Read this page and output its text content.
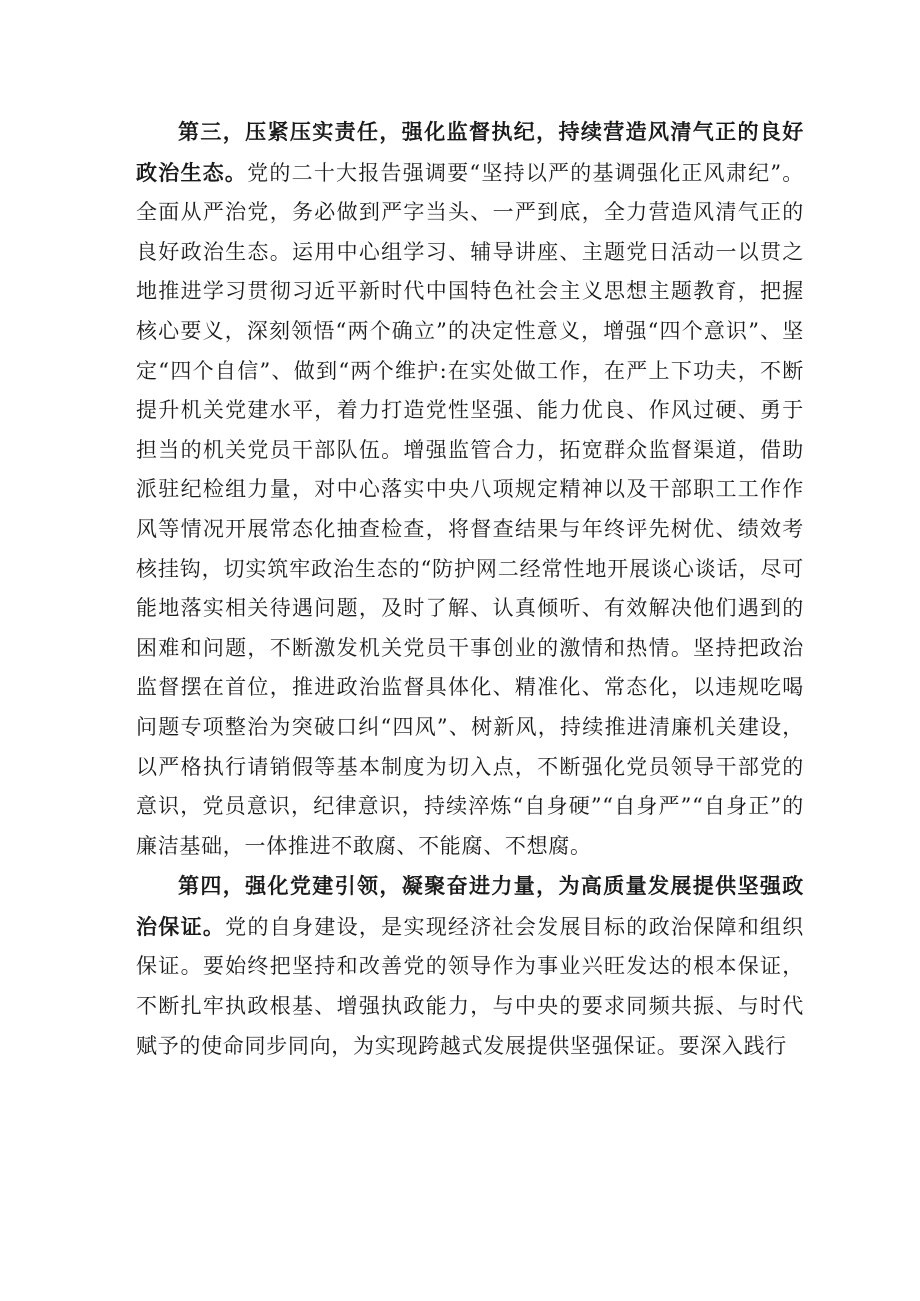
第三，压紧压实责任，强化监督执纪，持续营造风清气正的良好政治生态。党的二十大报告强调要“坚持以严的基调强化正风肃纪”。全面从严治党，务必做到严字当头、一严到底，全力营造风清气正的良好政治生态。运用中心组学习、辅导讲座、主题党日活动一以贯之地推进学习贯彻习近平新时代中国特色社会主义思想主题教育，把握核心要义，深刻领悟“两个确立”的决定性意义，增强“四个意识”、坚定“四个自信”、做到“两个维护:在实处做工作，在严上下功夫，不断提升机关党建水平，着力打造党性坚强、能力优良、作风过硬、勇于担当的机关党员干部队伍。增强监管合力，拓宽群众监督渠道，借助派驻纪检组力量，对中心落实中央八项规定精神以及干部职工工作作风等情况开展常态化抽查检查，将督查结果与年终评先树优、绩效考核挂钩，切实筑牢政治生态的“防护网二经常性地开展谈心谈话，尽可能地落实相关待遇问题，及时了解、认真倾听、有效解决他们遇到的困难和问题，不断激发机关党员干事创业的激情和热情。坚持把政治监督摆在首位，推进政治监督具体化、精准化、常态化，以违规吃喝问题专项整治为突破口纠“四风”、树新风，持续推进清廉机关建设，以严格执行请销假等基本制度为切入点，不断强化党员领导干部党的意识，党员意识，纪律意识，持续淬炼“自身硬”“自身严”“自身正”的廉洁基础，一体推进不敢腐、不能腐、不想腐。

第四，强化党建引领，凝聚奋进力量，为高质量发展提供坚强政治保证。党的自身建设，是实现经济社会发展目标的政治保障和组织保证。要始终把坚持和改善党的领导作为事业兴旺发达的根本保证，不断扎牢执政根基、增强执政能力，与中央的要求同频共振、与时代赋予的使命同步同向，为实现跨越式发展提供坚强保证。要深入践行
